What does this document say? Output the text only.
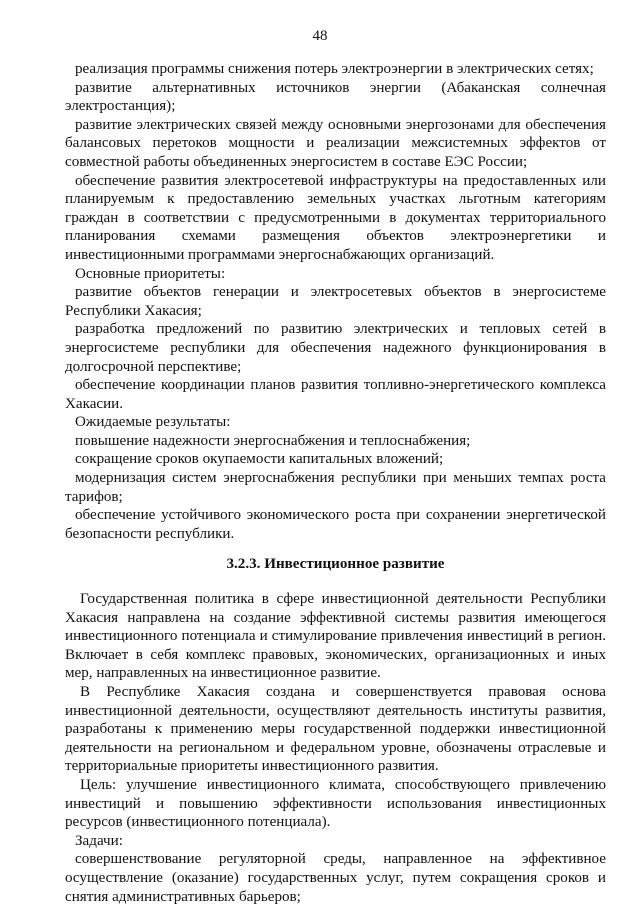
48

реализация программы снижения потерь электроэнергии в электрических сетях;

развитие альтернативных источников энергии (Абаканская солнечная электростанция);

развитие электрических связей между основными энергозонами для обеспечения балансовых перетоков мощности и реализации межсистемных эффектов от совместной работы объединенных энергосистем в составе ЕЭС России;

обеспечение развития электросетевой инфраструктуры на предоставленных или планируемым к предоставлению земельных участках льготным категориям граждан в соответствии с предусмотренными в документах территориального планирования схемами размещения объектов электроэнергетики и инвестиционными программами энергоснабжающих организаций.

Основные приоритеты:

развитие объектов генерации и электросетевых объектов в энергосистеме Республики Хакасия;

разработка предложений по развитию электрических и тепловых сетей в энергосистеме республики для обеспечения надежного функционирования в долгосрочной перспективе;

обеспечение координации планов развития топливно-энергетического комплекса Хакасии.

Ожидаемые результаты:

повышение надежности энергоснабжения и теплоснабжения;

сокращение сроков окупаемости капитальных вложений;

модернизация систем энергоснабжения республики при меньших темпах роста тарифов;

обеспечение устойчивого экономического роста при сохранении энергетической безопасности республики.

3.2.3. Инвестиционное развитие

Государственная политика в сфере инвестиционной деятельности Республики Хакасия направлена на создание эффективной системы развития имеющегося инвестиционного потенциала и стимулирование привлечения инвестиций в регион. Включает в себя комплекс правовых, экономических, организационных и иных мер, направленных на инвестиционное развитие.

В Республике Хакасия создана и совершенствуется правовая основа инвестиционной деятельности, осуществляют деятельность институты развития, разработаны к применению меры государственной поддержки инвестиционной деятельности на региональном и федеральном уровне, обозначены отраслевые и территориальные приоритеты инвестиционного развития.

Цель: улучшение инвестиционного климата, способствующего привлечению инвестиций и повышению эффективности использования инвестиционных ресурсов (инвестиционного потенциала).

Задачи:

совершенствование регуляторной среды, направленное на эффективное осуществление (оказание) государственных услуг, путем сокращения сроков и снятия административных барьеров;
